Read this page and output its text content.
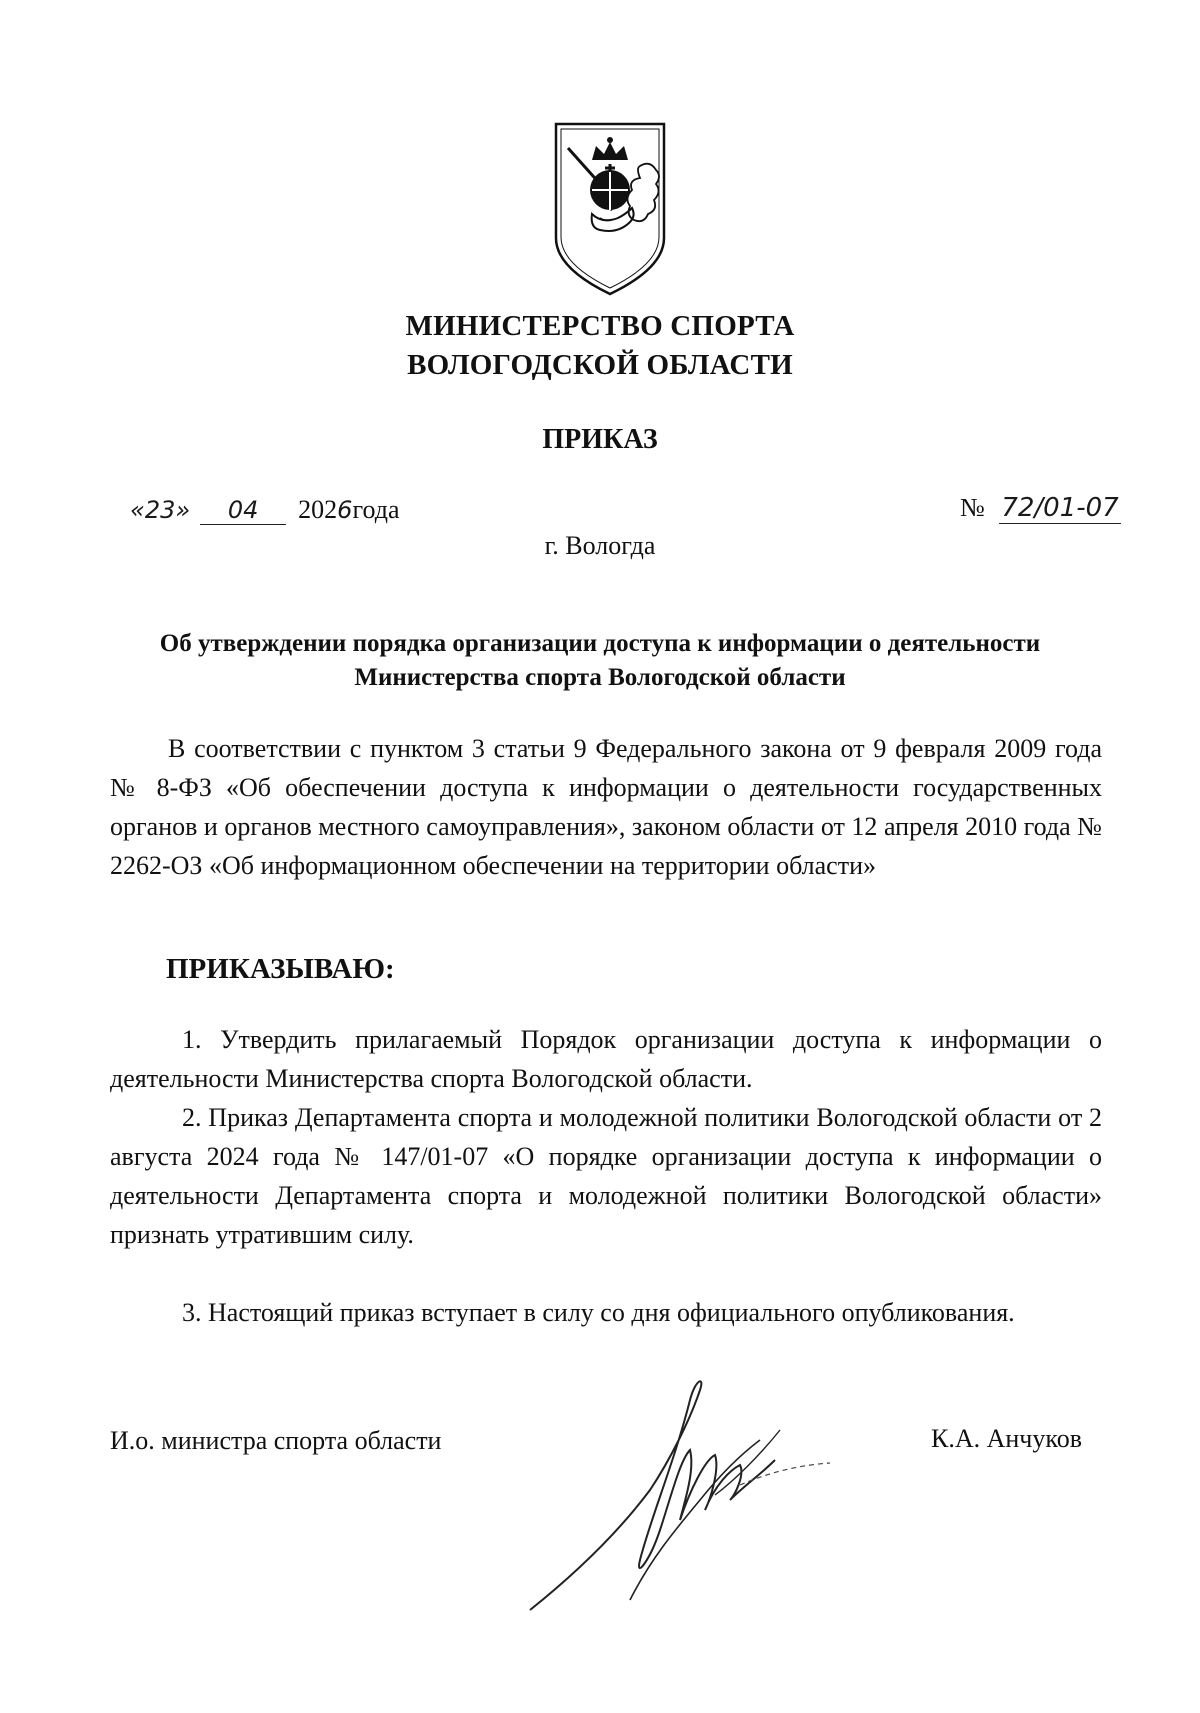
МИНИСТЕРСТВО СПОРТА
ВОЛОГОДСКОЙ ОБЛАСТИ
ПРИКАЗ
«23»	04	202 6 года	№ 72/01-07
г. Вологда
Об утверждении порядка организации доступа к информации о деятельности
Министерства спорта Вологодской области
В соответствии с пунктом 3 статьи 9 Федерального закона от 9 февраля 2009 года № 8-ФЗ «Об обеспечении доступа к информации о деятельности государственных органов и органов местного самоуправления», законом области от 12 апреля 2010 года № 2262-ОЗ «Об информационном обеспечении на территории области»
ПРИКАЗЫВАЮ:
1. Утвердить прилагаемый Порядок организации доступа к информации о деятельности Министерства спорта Вологодской области.
2. Приказ Департамента спорта и молодежной политики Вологодской области от 2 августа 2024 года № 147/01-07 «О порядке организации доступа к информации о деятельности Департамента спорта и молодежной политики Вологодской области» признать утратившим силу.
3. Настоящий приказ вступает в силу со дня официального опубликования.
И.о. министра спорта области	К.А. Анчуков
